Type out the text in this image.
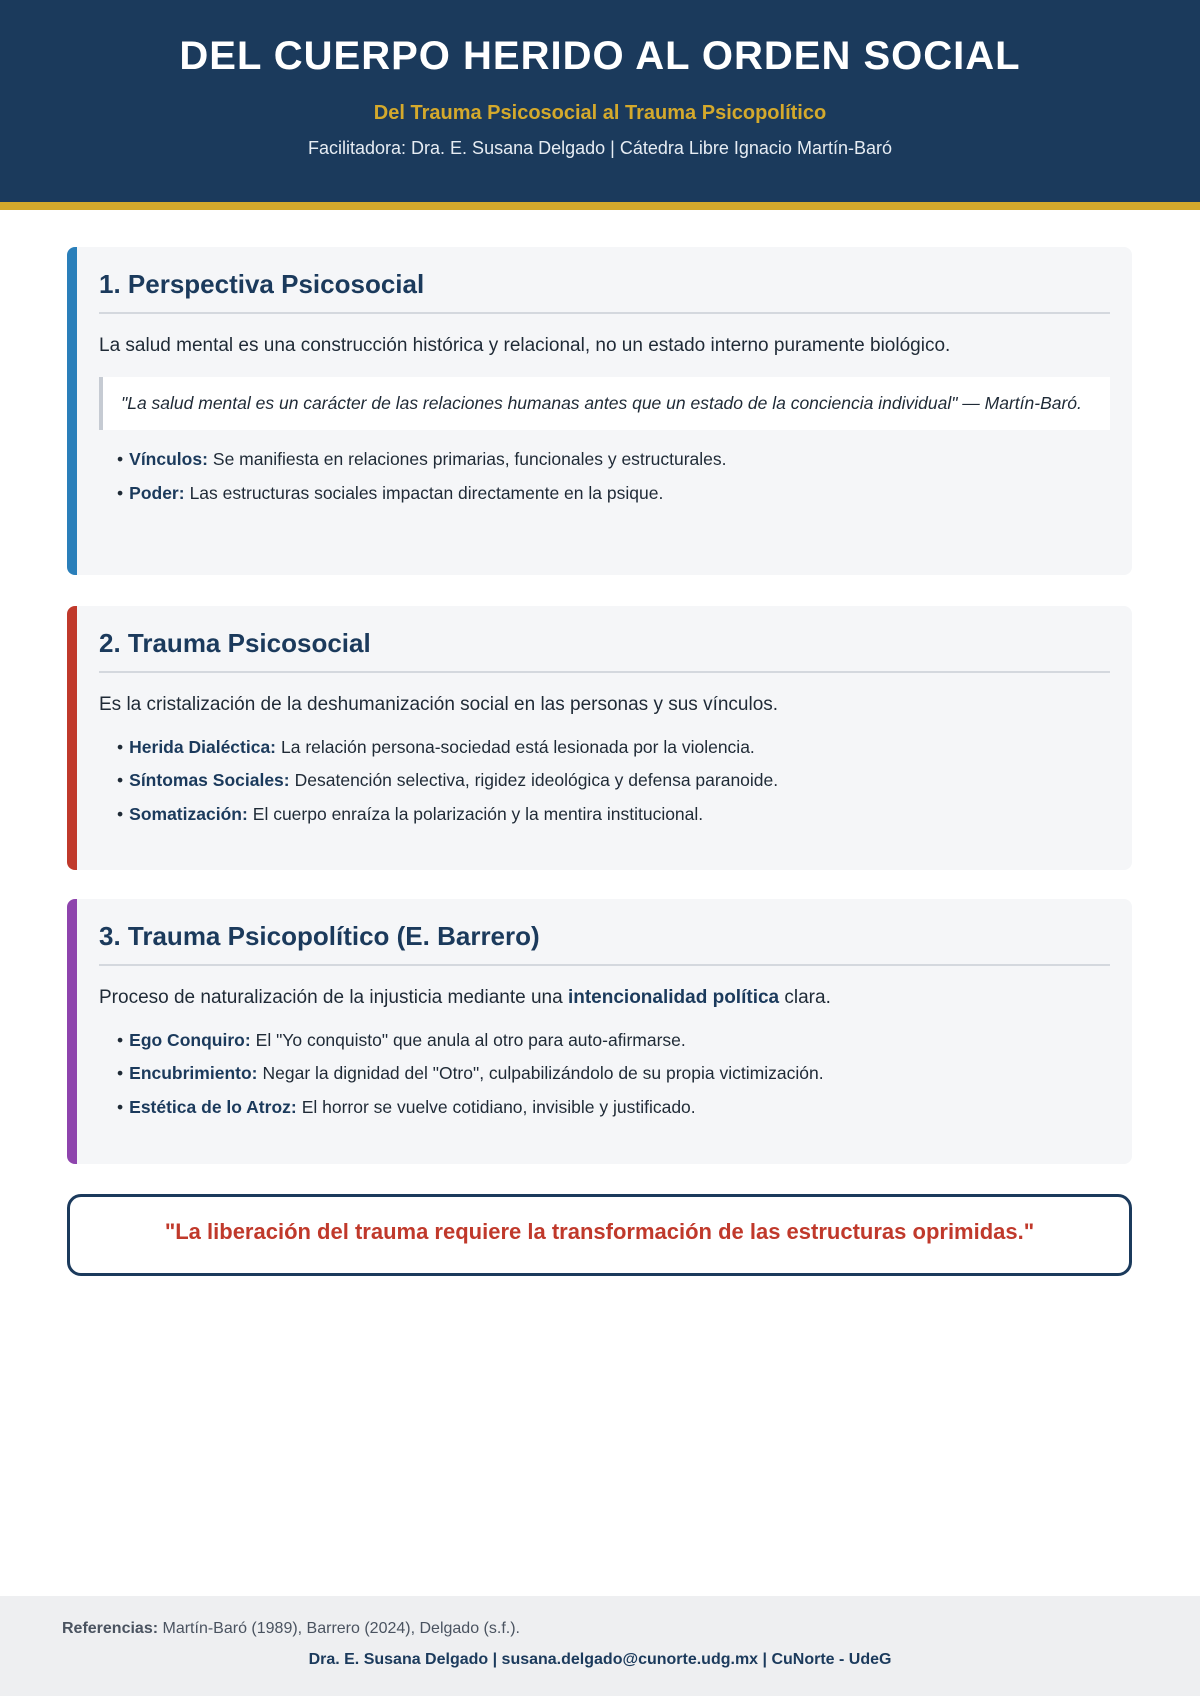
DEL CUERPO HERIDO AL ORDEN SOCIAL
Del Trauma Psicosocial al Trauma Psicopolítico
Facilitadora: Dra. E. Susana Delgado | Cátedra Libre Ignacio Martín-Baró
1. Perspectiva Psicosocial

La salud mental es una construcción histórica y relacional, no un estado interno puramente biológico.

"La salud mental es un carácter de las relaciones humanas antes que un estado de la conciencia individual" — Martín-Baró.
• Vínculos: Se manifiesta en relaciones primarias, funcionales y estructurales.
• Poder: Las estructuras sociales impactan directamente en la psique.
2. Trauma Psicosocial

Es la cristalización de la deshumanización social en las personas y sus vínculos.

• Herida Dialéctica: La relación persona-sociedad está lesionada por la violencia.
• Síntomas Sociales: Desatención selectiva, rigidez ideológica y defensa paranoide.
• Somatización: El cuerpo enraíza la polarización y la mentira institucional.
3. Trauma Psicopolítico (E. Barrero)

Proceso de naturalización de la injusticia mediante una intencionalidad política clara.

• Ego Conquiro: El "Yo conquisto" que anula al otro para auto-afirmarse.
• Encubrimiento: Negar la dignidad del "Otro", culpabilizándolo de su propia victimización.
• Estética de lo Atroz: El horror se vuelve cotidiano, invisible y justificado.
"La liberación del trauma requiere la transformación de las estructuras oprimidas."
Referencias: Martín-Baró (1989), Barrero (2024), Delgado (s.f.).
Dra. E. Susana Delgado | susana.delgado@cunorte.udg.mx | CuNorte - UdeG
